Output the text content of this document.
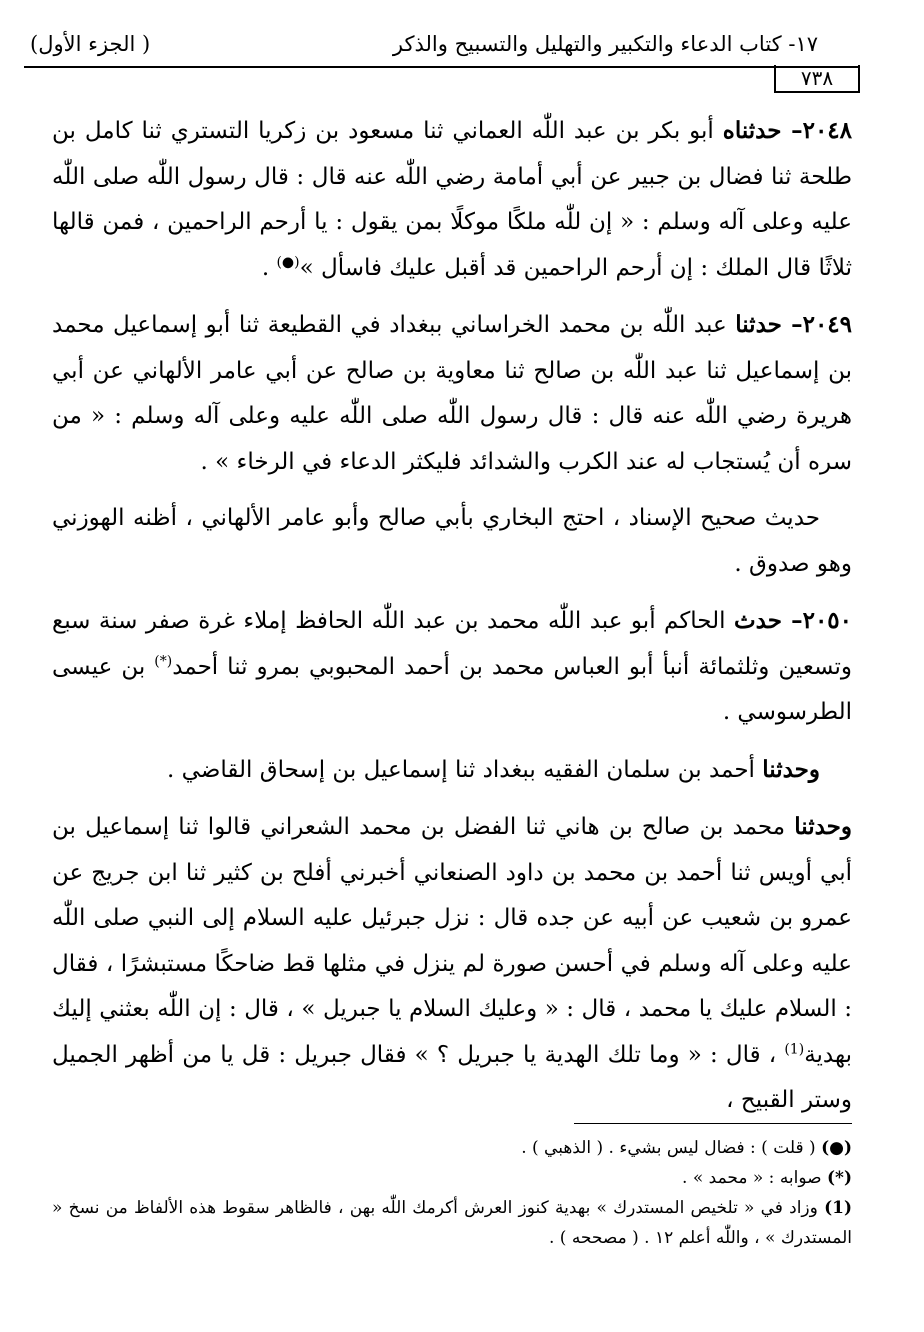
١٧- كتاب الدعاء والتكبير والتهليل والتسبيح والذكر
( الجزء الأول)
٧٣٨

٢٠٤٨– حدثناه أبو بكر بن عبد اللّٰه العماني ثنا مسعود بن زكريا التستري ثنا كامل بن طلحة ثنا فضال بن جبير عن أبي أمامة رضي اللّٰه عنه قال : قال رسول اللّٰه صلى اللّٰه عليه وعلى آله وسلم : « إن للّٰه ملكًا موكلًا بمن يقول : يا أرحم الراحمين ، فمن قالها ثلاثًا قال الملك : إن أرحم الراحمين قد أقبل عليك فاسأل »(●) .

٢٠٤٩– حدثنا عبد اللّٰه بن محمد الخراساني ببغداد في القطيعة ثنا أبو إسماعيل محمد بن إسماعيل ثنا عبد اللّٰه بن صالح ثنا معاوية بن صالح عن أبي عامر الألهاني عن أبي هريرة رضي اللّٰه عنه قال : قال رسول اللّٰه صلى اللّٰه عليه وعلى آله وسلم : « من سره أن يُستجاب له عند الكرب والشدائد فليكثر الدعاء في الرخاء » .

حديث صحيح الإسناد ، احتج البخاري بأبي صالح وأبو عامر الألهاني ، أظنه الهوزني وهو صدوق .

٢٠٥٠– حدث الحاكم أبو عبد اللّٰه محمد بن عبد اللّٰه الحافظ إملاء غرة صفر سنة سبع وتسعين وثلثمائة أنبأ أبو العباس محمد بن أحمد المحبوبي بمرو ثنا أحمد(*) بن عيسى الطرسوسي .

وحدثنا أحمد بن سلمان الفقيه ببغداد ثنا إسماعيل بن إسحاق القاضي .

وحدثنا محمد بن صالح بن هاني ثنا الفضل بن محمد الشعراني قالوا ثنا إسماعيل بن أبي أويس ثنا أحمد بن محمد بن داود الصنعاني أخبرني أفلح بن كثير ثنا ابن جريج عن عمرو بن شعيب عن أبيه عن جده قال : نزل جبرئيل عليه السلام إلى النبي صلى اللّٰه عليه وعلى آله وسلم في أحسن صورة لم ينزل في مثلها قط ضاحكًا مستبشرًا ، فقال : السلام عليك يا محمد ، قال : « وعليك السلام يا جبريل » ، قال : إن اللّٰه بعثني إليك بهدية$^{(1)}$ ، قال : « وما تلك الهدية يا جبريل ؟ » فقال جبريل : قل يا من أظهر الجميل وستر القبيح ،

(●) ( قلت ) : فضال ليس بشيء . ( الذهبي ) .

(*) صوابه : « محمد » .

(1) وزاد في « تلخيص المستدرك » بهدية كنوز العرش أكرمك اللّٰه بهن ، فالظاهر سقوط هذه الألفاظ من نسخ « المستدرك » ، واللّٰه أعلم ١٢ . ( مصححه ) .
